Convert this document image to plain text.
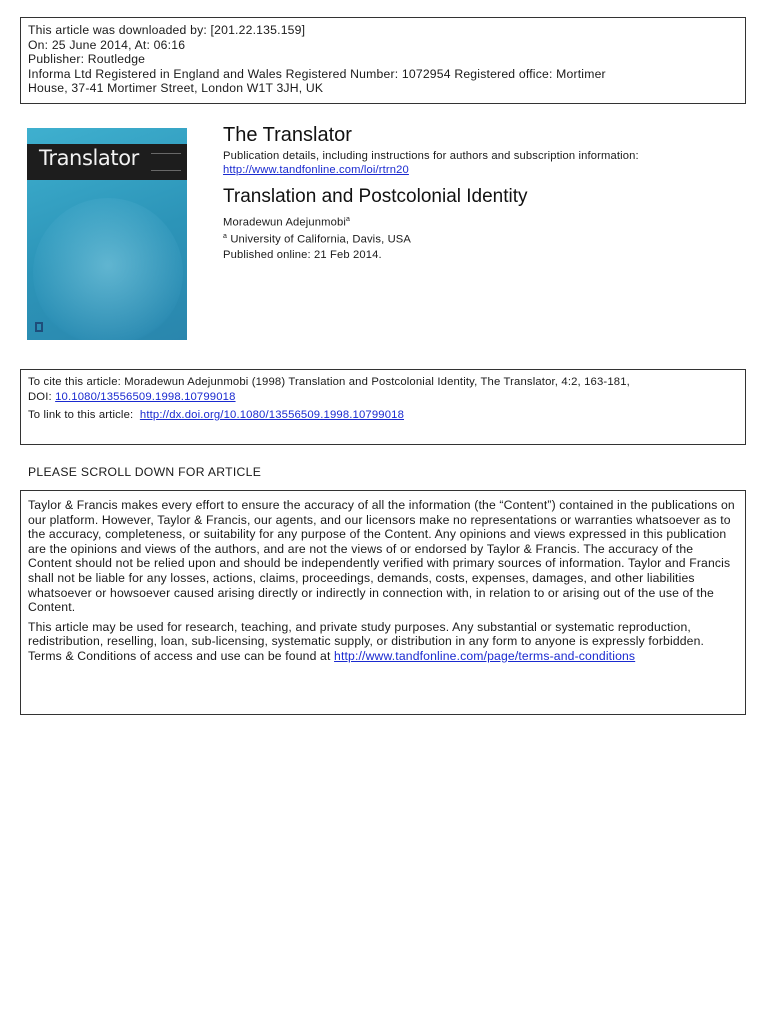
This article was downloaded by: [201.22.135.159]
On: 25 June 2014, At: 06:16
Publisher: Routledge
Informa Ltd Registered in England and Wales Registered Number: 1072954 Registered office: Mortimer
House, 37-41 Mortimer Street, London W1T 3JH, UK
Translator
The Translator
Publication details, including instructions for authors and subscription information:
http://www.tandfonline.com/loi/rtrn20
Translation and Postcolonial Identity
Moradewun Adejunmobi$^a$
$^a$ University of California, Davis, USA
Published online: 21 Feb 2014.
To cite this article: Moradewun Adejunmobi (1998) Translation and Postcolonial Identity, The Translator, 4:2, 163-181,
DOI: 10.1080/13556509.1998.10799018
To link to this article: http://dx.doi.org/10.1080/13556509.1998.10799018
PLEASE SCROLL DOWN FOR ARTICLE

Taylor & Francis makes every effort to ensure the accuracy of all the information (the “Content”) contained in the publications on our platform. However, Taylor & Francis, our agents, and our licensors make no representations or warranties whatsoever as to the accuracy, completeness, or suitability for any purpose of the Content. Any opinions and views expressed in this publication are the opinions and views of the authors, and are not the views of or endorsed by Taylor & Francis. The accuracy of the Content should not be relied upon and should be independently verified with primary sources of information. Taylor and Francis shall not be liable for any losses, actions, claims, proceedings, demands, costs, expenses, damages, and other liabilities whatsoever or howsoever caused arising directly or indirectly in connection with, in relation to or arising out of the use of the Content.

This article may be used for research, teaching, and private study purposes. Any substantial or systematic reproduction, redistribution, reselling, loan, sub-licensing, systematic supply, or distribution in any form to anyone is expressly forbidden. Terms & Conditions of access and use can be found at http://www.tandfonline.com/page/terms-and-conditions
